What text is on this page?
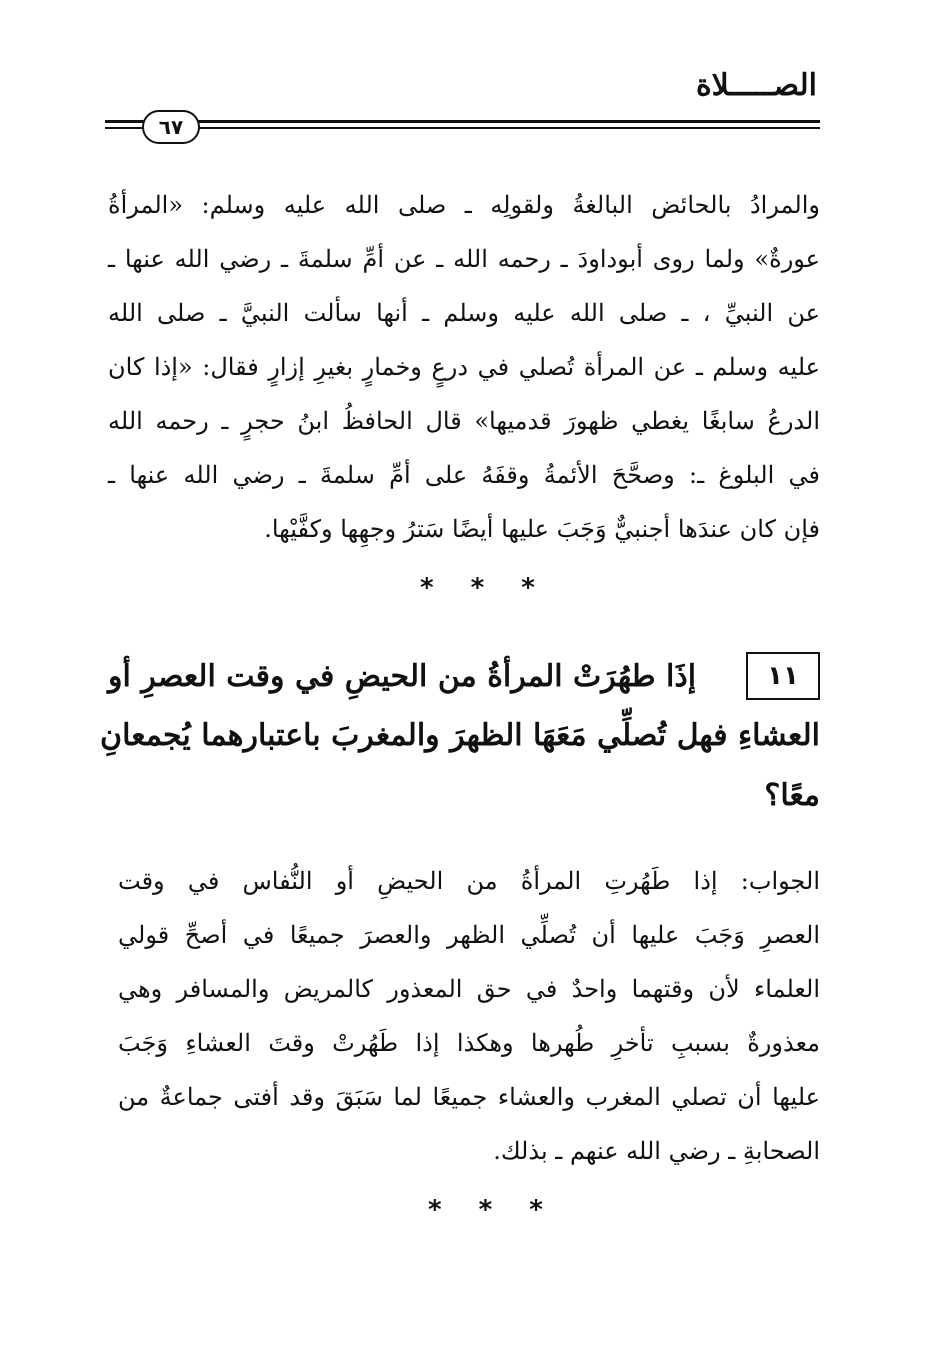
الصـــــلاة
٦٧
والمرادُ بالحائض البالغةُ ولقولِه ـ صلى الله عليه وسلم: «المرأةُ
عورةٌ» ولما روى أبوداودَ ـ رحمه الله ـ عن أمِّ سلمةَ ـ رضي الله عنها ـ
عن النبيِّ ، ـ صلى الله عليه وسلم ـ أنها سألت النبيَّ ـ صلى الله
عليه وسلم ـ عن المرأة تُصلي في درعٍ وخمارٍ بغيرِ إزارٍ فقال: «إذا كان
الدرعُ سابغًا يغطي ظهورَ قدميها» قال الحافظُ ابنُ حجرٍ ـ رحمه الله
في البلوغ ـ: وصحَّحَ الأئمةُ وقفَهُ على أمِّ سلمةَ ـ رضي الله عنها ـ
فإن كان عندَها أجنبيٌّ وَجَبَ عليها أيضًا سَترُ وجهِها وكفَّيْها.
* * *
١١
إذَا طهُرَتْ المرأةُ من الحيضِ في وقت العصرِ أو
العشاءِ فهل تُصلِّي مَعَهَا الظهرَ والمغربَ باعتبارهما يُجمعانِ
معًا؟
الجواب: إذا طَهُرتِ المرأةُ من الحيضِ أو النُّفاس في وقت
العصرِ وَجَبَ عليها أن تُصلِّي الظهر والعصرَ جميعًا في أصحِّ قولي
العلماء لأن وقتهما واحدٌ في حق المعذور كالمريض والمسافر وهي
معذورةٌ بسببِ تأخرِ طُهرها وهكذا إذا طَهُرتْ وقتَ العشاءِ وَجَبَ
عليها أن تصلي المغرب والعشاء جميعًا لما سَبَقَ وقد أفتى جماعةٌ من
الصحابةِ ـ رضي الله عنهم ـ بذلك.
* * *
